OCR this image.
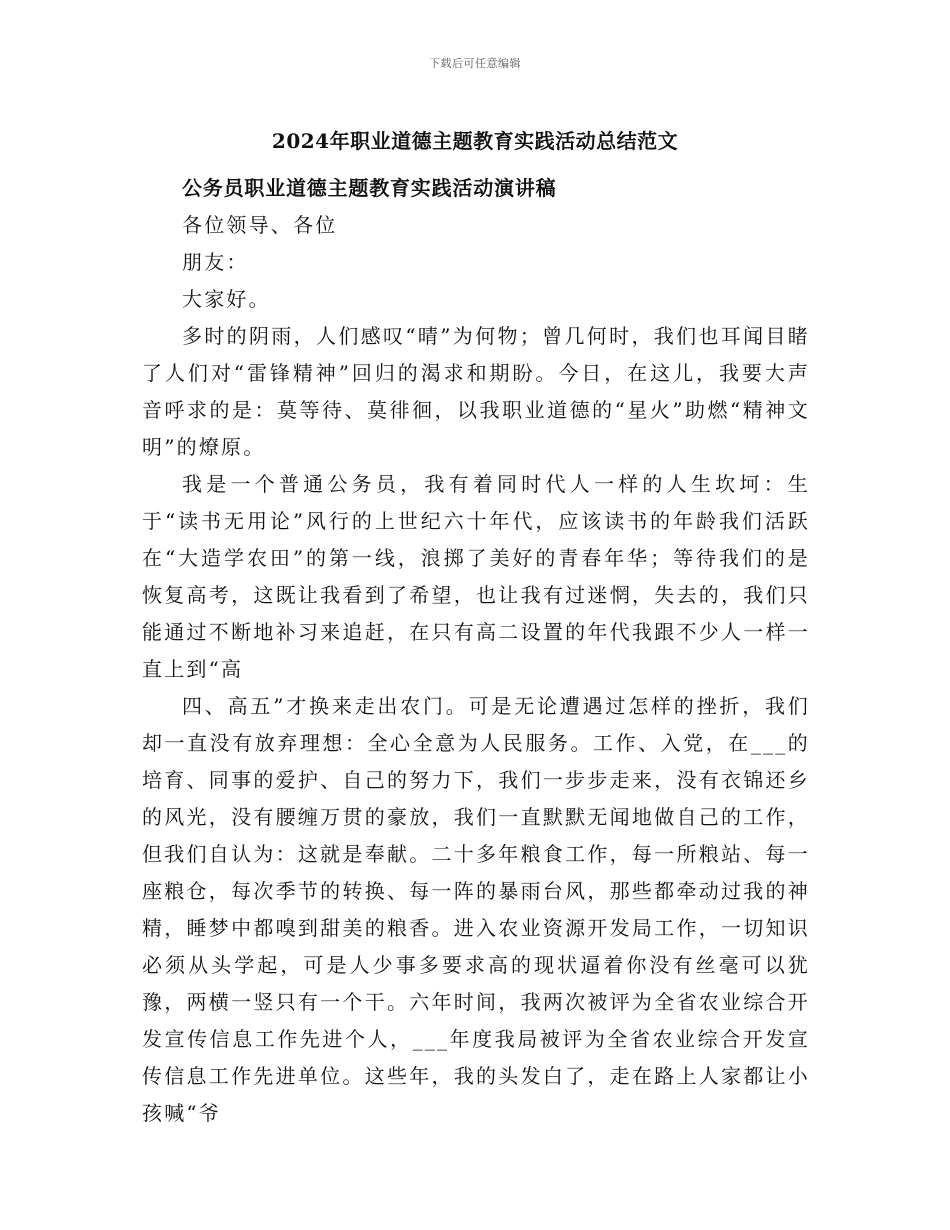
下载后可任意编辑
2024年职业道德主题教育实践活动总结范文

公务员职业道德主题教育实践活动演讲稿

各位领导、各位

朋友：

大家好。

多时的阴雨，人们感叹“晴”为何物；曾几何时，我们也耳闻目睹了人们对“雷锋精神”回归的渴求和期盼。今日，在这儿，我要大声音呼求的是：莫等待、莫徘徊，以我职业道德的“星火”助燃“精神文明”的燎原。

我是一个普通公务员，我有着同时代人一样的人生坎坷：生于“读书无用论”风行的上世纪六十年代，应该读书的年龄我们活跃在“大造学农田”的第一线，浪掷了美好的青春年华；等待我们的是恢复高考，这既让我看到了希望，也让我有过迷惘，失去的，我们只能通过不断地补习来追赶，在只有高二设置的年代我跟不少人一样一直上到“高

四、高五”才换来走出农门。可是无论遭遇过怎样的挫折，我们却一直没有放弃理想：全心全意为人民服务。工作、入党，在___的培育、同事的爱护、自己的努力下，我们一步步走来，没有衣锦还乡的风光，没有腰缠万贯的豪放，我们一直默默无闻地做自己的工作，但我们自认为：这就是奉献。二十多年粮食工作，每一所粮站、每一座粮仓，每次季节的转换、每一阵的暴雨台风，那些都牵动过我的神精，睡梦中都嗅到甜美的粮香。进入农业资源开发局工作，一切知识必须从头学起，可是人少事多要求高的现状逼着你没有丝毫可以犹豫，两横一竖只有一个干。六年时间，我两次被评为全省农业综合开发宣传信息工作先进个人，___年度我局被评为全省农业综合开发宣传信息工作先进单位。这些年，我的头发白了，走在路上人家都让小孩喊“爷
